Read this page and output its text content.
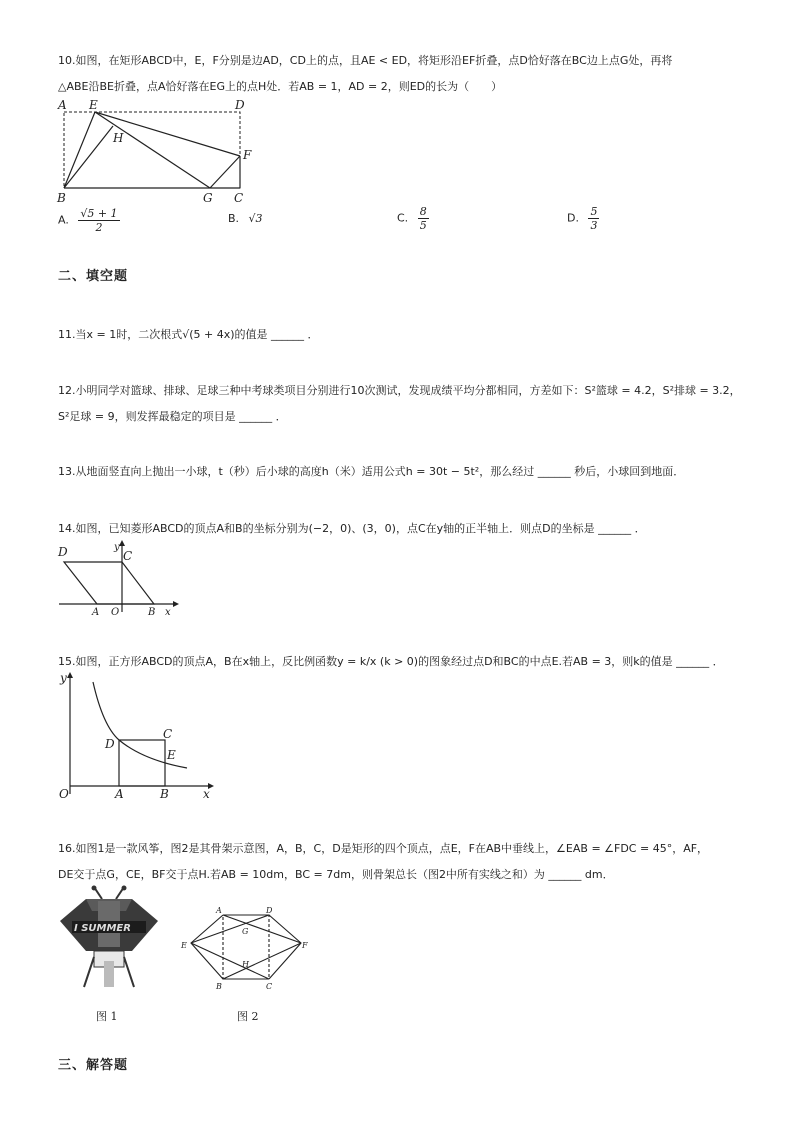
10.如图，在矩形ABCD中，E，F分别是边AD，CD上的点，且AE < ED，将矩形沿EF折叠，点D恰好落在BC边上点G处，再将
△ABE沿BE折叠，点A恰好落在EG上的点H处．若AB = 1，AD = 2，则ED的长为（　　）
A E	D
H
F
B	G C
A. $\frac{√5 + 1}{2}$	B. √3	C. $\frac{8}{5}$	D. $\frac{5}{3}$
二、填空题
11.当x = 1时，二次根式√(5 + 4x)的值是 ______ ．
12.小明同学对篮球、排球、足球三种中考球类项目分别进行10次测试，发现成绩平均分都相同，方差如下：S²篮球 = 4.2，S²排球 = 3.2，
S²足球 = 9，则发挥最稳定的项目是 ______ ．
13.从地面竖直向上抛出一小球，t（秒）后小球的高度h（米）适用公式h = 30t − 5t²，那么经过 ______ 秒后，小球回到地面．
14.如图，已知菱形ABCD的顶点A和B的坐标分别为(−2，0)、(3，0)，点C在y轴的正半轴上．则点D的坐标是 ______ ．
D	C
y
A O	B x
15.如图，正方形ABCD的顶点A，B在x轴上，反比例函数y = k/x (k > 0)的图象经过点D和BC的中点E.若AB = 3，则k的值是 ______ ．
y
C
D
E
O	A	B	x
16.如图1是一款风筝，图2是其骨架示意图，A，B，C，D是矩形的四个顶点，点E，F在AB中垂线上，∠EAB = ∠FDC = 45°，AF，
DE交于点G，CE，BF交于点H.若AB = 10dm，BC = 7dm，则骨架总长（图2中所有实线之和）为 ______ dm．
I SUMMER
A	D
G
E	F
H
B	C
图 1	图 2
三、解答题
